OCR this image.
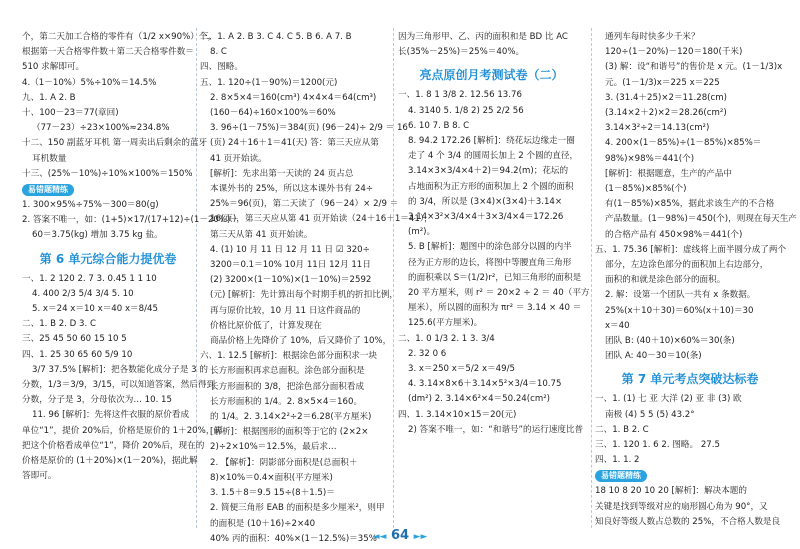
个，第二天加工合格的零件有（1/2 x×90%）个，
根据第一天合格零件数＋第二天合格零件数＝
510 求解即可。
4.（1－10%）5%÷10%＝14.5%
九、1. A 2. B
十、100－23＝77(章回)
（77－23）÷23×100%≈234.8%
十二、150 副蓝牙耳机 第一周卖出后剩余的蓝牙
耳机数量
十三、(25%－10%)÷10%×100%＝150%
易错题精练
1. 300×95%÷75%－300＝80(g)
2. 答案不唯一，如：(1+5)×17/(17+12)÷(1－20%)－
60＝3.75(kg) 增加 3.75 kg 盐。
第 6 单元综合能力提优卷
一、1. 2 120 2. 7 3. 0.45 1 1 10
4. 400 2/3 5/4 3/4 5. 10
5. x＝24 x＝10 x＝40 x＝8/45
二、1. B 2. D 3. C
三、25 45 50 60 15 10 5
四、1. 25 30 65 60 5/9 10
3/7 37.5% [解析]：把各数能化成分子是 3 的
分数，1/3＝3/9，3/15，可以知道答案，然后得到
分数，分子是 3，分母依次为… 10. 15
11. 96 [解析]：先将这件衣服的原价看成
单位“1”，提价 20%后，价格是原价的 1＋20%，再
把这个价格看成单位“1”，降价 20%后，现在的
价格是原价的 (1＋20%)×(1－20%)，据此解
答即可。
三、1. A 2. B 3. C 4. C 5. B 6. A 7. B
8. C
四、图略。
五、1. 120÷(1－90%)＝1200(元)
2. 8×5×4＝160(cm³) 4×4×4＝64(cm³)
(160－64)÷160×100%＝60%
3. 96÷(1－75%)＝384(页) (96－24)÷ 2/9 ＝ 16
(页) 24＋16＋1＝41(天) 答：第三天应从第
41 页开始读。
[解析]：先求出第一天读的 24 页占总
本课外书的 25%，所以这本课外书有 24÷
25%＝96(页)，第二天读了（96－24）× 2/9 ＝
16(页)，第三天应从第 41 页开始读（24＋16＋1＝41），
第三天从第 41 页开始读。
4. (1) 10 月 11 日 12 月 11 日 ☑ 320÷
3200＝0.1＝10% 10月 11日 12月 11日
(2) 3200×(1－10%)×(1－10%)＝2592
(元) [解析]：先计算出每个时期手机的折扣比例，
再与原价比较，10 月 11 日这件商品的
价格比原价低了，计算发现在
商品价格上先降价了 10%，后又降价了 10%，
六、1. 12.5 [解析]：根据涂色部分面积求一块
长方形面积再求总面积。涂色部分面积是
长方形面积的 3/8，把涂色部分面积看成
长方形面积的 1/4。2. 8×5×4＝160。
的 1/4。2. 3.14×2²÷2＝6.28(平方厘米)
[解析]：根据图形的面积等于它的 (2×2×
2)÷2×10%＝12.5%，最后求…
2. 【解析】：阴影部分面积是(总面积＋
8)×10%＝0.4×面积(平方厘米)
3. 1.5＋8＝9.5 15÷(8＋1.5)＝
2. 简便三角形 EAB 的面积是多少厘米²，则甲
的面积是 (10＋16)÷2×40
40% 丙的面积：40%×(1－12.5%)＝35%
因为三角形甲、乙、丙的面积和是 BD 比 AC
长(35%－25%)＝25%＝40%。
亮点原创月考测试卷（二）
一、1. 8 1 3/8 2. 12.56 13.76
4. 3140 5. 1/8 2) 25 2/2 56
6. 10 7. B 8. C
8. 94.2 172.26 [解析]：绕花坛边缘走一圈
走了 4 个 3/4 的圆周长加上 2 个圆的直径，
3.14×3×3/4×4＋2)＝94.2(m)；花坛的
占地面积为正方形的面积加上 2 个圆的面积
的 3/4，所以是 (3×4)×(3×4)＋3.14×
3.14×3²×3/4×4＋3×3/4×4＝172.26
(m²)。
5. B [解析]：题图中的涂色部分以圆的内半
径为正方形的边长，将图中等腰直角三角形
的面积乘以 S＝(1/2)r²，已知三角形的面积是
20 平方厘米，则 r² ＝ 20×2 ÷ 2 ＝ 40（平方
厘米），所以圆的面积为 πr² ＝ 3.14 × 40 ＝
125.6(平方厘米)。
二、1. 0 1/3 2. 1 3. 3/4
2. 32 0 6
3. x＝250 x＝5/2 x＝49/5
4. 3.14×8×6＋3.14×5²×3/4＝10.75
(dm²) 2. 3.14×6²×4＝50.24(cm²)
四、1. 3.14×10×15＝20(元)
2) 答案不唯一，如：“和谐号”的运行速度比普
通列车每时快多少千米？
120÷(1－20%)－120＝180(千米)
(3) 解：设“和谐号”的售价是 x 元。(1－1/3)x
元。(1－1/3)x＝225 x＝225
3. (31.4＋25)×2＝11.28(cm)
(3.14×2＋2)×2＝28.26(cm²)
3.14×3²÷2＝14.13(cm²)
4. 200×(1－85%)÷(1－85%)×85%＝
98%)×98%＝441(个)
[解析]：根据题意，生产的产品中
(1－85%)×85%(个)
有(1－85%)×85%，据此求该生产的不合格
产品数量。(1－98%)＝450(个)，则现在每天生产
的合格产品有 450×98%＝441(个)
五、1. 75.36 [解析]：虚线将上面半圆分成了两个
部分，左边涂色部分的面积加上右边部分，
面积的和就是涂色部分的面积。
2. 解：设第一个团队一共有 x 条数据。
25%(x＋10＋30)＝60%(x＋10)＝30
x＝40
团队 B: (40＋10)×60%＝30(条)
团队 A: 40－30＝10(条)
第 7 单元考点突破达标卷
一、1. (1) 七 亚 大洋 (2) 亚 非 (3) 欧
南极 (4) 5 5 (5) 43.2°
二、1. B 2. C
三、1. 120 1. 6 2. 图略。 27.5
四、1. 1. 2
易错题精练
18 10 8 20 10 20 [解析]：解决本题的
关键是找到等级对应的扇形圆心角为 90°，又
知良好等级人数占总数的 25%，不合格人数是良
◄◄ 64 ►►
